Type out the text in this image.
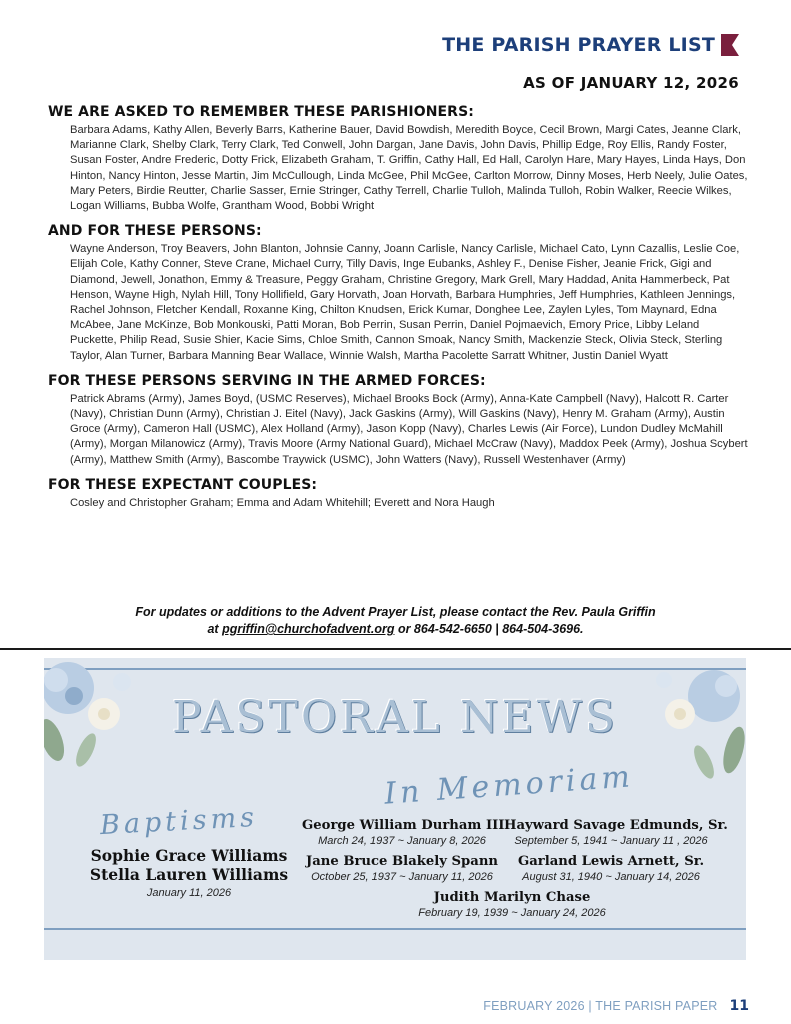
THE PARISH PRAYER LIST
AS OF JANUARY 12, 2026
WE ARE ASKED TO REMEMBER THESE PARISHIONERS:
Barbara Adams, Kathy Allen, Beverly Barrs, Katherine Bauer, David Bowdish, Meredith Boyce, Cecil Brown, Margi Cates, Jeanne Clark, Marianne Clark, Shelby Clark, Terry Clark, Ted Conwell, John Dargan, Jane Davis, John Davis, Phillip Edge, Roy Ellis, Randy Foster, Susan Foster, Andre Frederic, Dotty Frick, Elizabeth Graham, T. Griffin, Cathy Hall, Ed Hall, Carolyn Hare, Mary Hayes, Linda Hays, Don Hinton, Nancy Hinton, Jesse Martin, Jim McCullough, Linda McGee, Phil McGee, Carlton Morrow, Dinny Moses, Herb Neely, Julie Oates, Mary Peters, Birdie Reutter, Charlie Sasser, Ernie Stringer, Cathy Terrell, Charlie Tulloh, Malinda Tulloh, Robin Walker, Reecie Wilkes, Logan Williams, Bubba Wolfe, Grantham Wood, Bobbi Wright
AND FOR THESE PERSONS:
Wayne Anderson, Troy Beavers, John Blanton, Johnsie Canny, Joann Carlisle, Nancy Carlisle, Michael Cato, Lynn Cazallis, Leslie Coe, Elijah Cole, Kathy Conner, Steve Crane, Michael Curry, Tilly Davis, Inge Eubanks, Ashley F., Denise Fisher, Jeanie Frick, Gigi and Diamond, Jewell, Jonathon, Emmy & Treasure, Peggy Graham, Christine Gregory, Mark Grell, Mary Haddad, Anita Hammerbeck, Pat Henson, Wayne High, Nylah Hill, Tony Hollifield, Gary Horvath, Joan Horvath, Barbara Humphries, Jeff Humphries, Kathleen Jennings, Rachel Johnson, Fletcher Kendall, Roxanne King, Chilton Knudsen, Erick Kumar, Donghee Lee, Zaylen Lyles, Tom Maynard, Edna McAbee, Jane McKinze, Bob Monkouski, Patti Moran, Bob Perrin, Susan Perrin, Daniel Pojmaevich, Emory Price, Libby Leland Puckette, Philip Read, Susie Shier, Kacie Sims, Chloe Smith, Cannon Smoak, Nancy Smith, Mackenzie Steck, Olivia Steck, Sterling Taylor, Alan Turner, Barbara Manning Bear Wallace, Winnie Walsh, Martha Pacolette Sarratt Whitner, Justin Daniel Wyatt
FOR THESE PERSONS SERVING IN THE ARMED FORCES:
Patrick Abrams (Army), James Boyd, (USMC Reserves), Michael Brooks Bock (Army), Anna-Kate Campbell (Navy), Halcott R. Carter (Navy), Christian Dunn (Army), Christian J. Eitel (Navy), Jack Gaskins (Army), Will Gaskins (Navy), Henry M. Graham (Army), Austin Groce (Army), Cameron Hall (USMC), Alex Holland (Army), Jason Kopp (Navy), Charles Lewis (Air Force), Lundon Dudley McMahill (Army), Morgan Milanowicz (Army), Travis Moore (Army National Guard), Michael McCraw (Navy), Maddox Peek (Army), Joshua Scybert (Army), Matthew Smith (Army), Bascombe Traywick (USMC), John Watters (Navy), Russell Westenhaver (Army)
FOR THESE EXPECTANT COUPLES:
Cosley and Christopher Graham; Emma and Adam Whitehill; Everett and Nora Haugh
For updates or additions to the Advent Prayer List, please contact the Rev. Paula Griffin
at pgriffin@churchofadvent.org or 864-542-6650 | 864-504-3696.
PASTORAL NEWS
In Memoriam
Baptisms
Sophie Grace Williams
Stella Lauren Williams
January 11, 2026
George William Durham III
March 24, 1937 ~ January 8, 2026
Hayward Savage Edmunds, Sr.
September 5, 1941 ~ January 11 , 2026
Jane Bruce Blakely Spann
October 25, 1937 ~ January 11, 2026
Garland Lewis Arnett, Sr.
August 31, 1940 ~ January 14, 2026
Judith Marilyn Chase
February 19, 1939 ~ January 24, 2026
FEBRUARY 2026 | THE PARISH PAPER 11
